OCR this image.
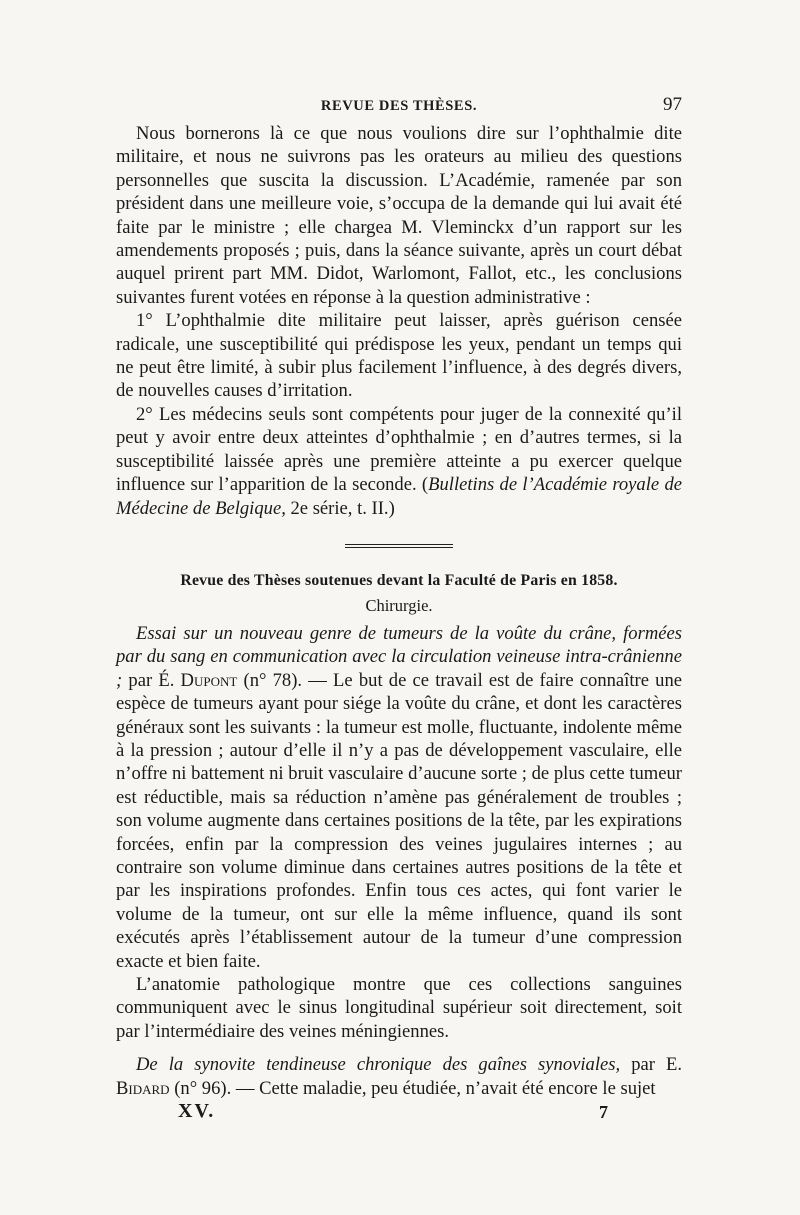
REVUE DES THÈSES.	97

Nous bornerons là ce que nous voulions dire sur l’ophthalmie dite militaire, et nous ne suivrons pas les orateurs au milieu des questions personnelles que suscita la discussion. L’Académie, ramenée par son président dans une meilleure voie, s’occupa de la demande qui lui avait été faite par le ministre ; elle chargea M. Vleminckx d’un rapport sur les amendements proposés ; puis, dans la séance suivante, après un court débat auquel prirent part MM. Didot, Warlomont, Fallot, etc., les conclusions suivantes furent votées en réponse à la question administrative :

1° L’ophthalmie dite militaire peut laisser, après guérison censée radicale, une susceptibilité qui prédispose les yeux, pendant un temps qui ne peut être limité, à subir plus facilement l’influence, à des degrés divers, de nouvelles causes d’irritation.

2° Les médecins seuls sont compétents pour juger de la connexité qu’il peut y avoir entre deux atteintes d’ophthalmie ; en d’autres termes, si la susceptibilité laissée après une première atteinte a pu exercer quelque influence sur l’apparition de la seconde. (Bulletins de l’Académie royale de Médecine de Belgique, 2e série, t. II.)

Revue des Thèses soutenues devant la Faculté de Paris en 1858.
Chirurgie.

Essai sur un nouveau genre de tumeurs de la voûte du crâne, formées par du sang en communication avec la circulation veineuse intra-crânienne ; par É. Dupont (n° 78). — Le but de ce travail est de faire connaître une espèce de tumeurs ayant pour siége la voûte du crâne, et dont les caractères généraux sont les suivants : la tumeur est molle, fluctuante, indolente même à la pression ; autour d’elle il n’y a pas de développement vasculaire, elle n’offre ni battement ni bruit vasculaire d’aucune sorte ; de plus cette tumeur est réductible, mais sa réduction n’amène pas généralement de troubles ; son volume augmente dans certaines positions de la tête, par les expirations forcées, enfin par la compression des veines jugulaires internes ; au contraire son volume diminue dans certaines autres positions de la tête et par les inspirations profondes. Enfin tous ces actes, qui font varier le volume de la tumeur, ont sur elle la même influence, quand ils sont exécutés après l’établissement autour de la tumeur d’une compression exacte et bien faite.

L’anatomie pathologique montre que ces collections sanguines communiquent avec le sinus longitudinal supérieur soit directement, soit par l’intermédiaire des veines méningiennes.

De la synovite tendineuse chronique des gaînes synoviales, par E. Bidard (n° 96). — Cette maladie, peu étudiée, n’avait été encore le sujet

XV.	7
